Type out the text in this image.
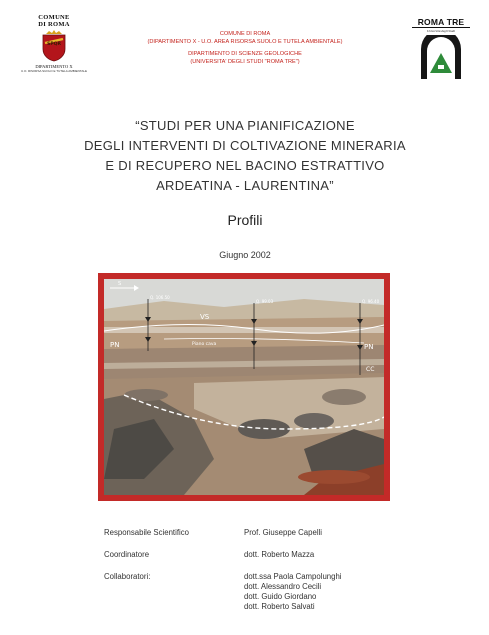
COMUNE
DI ROMA
SPQR
DIPARTIMENTO X
U.O. RISORSA SUOLO E TUTELA AMBIENTALE
COMUNE DI ROMA
(DIPARTIMENTO X - U.O. AREA RISORSA SUOLO E TUTELA AMBIENTALE)
DIPARTIMENTO DI SCIENZE GEOLOGICHE
(UNIVERSITA' DEGLI STUDI "ROMA TRE")
ROMA TRE
Università degli Studi
“STUDI PER UNA PIANIFICAZIONE
DEGLI INTERVENTI DI COLTIVAZIONE MINERARIA
E DI RECUPERO NEL BACINO ESTRATTIVO
ARDEATINA - LAURENTINA”
Profili
Giugno 2002
S
VS
PN	PN
CC
Piano cava
Q. 106.50
Q. 99.03	Q. 96.40
Responsabile Scientifico	Prof. Giuseppe Capelli
Coordinatore	dott. Roberto Mazza
Collaboratori:	dott.ssa Paola Campolunghi
dott. Alessandro Cecili
dott. Guido Giordano
dott. Roberto Salvati
